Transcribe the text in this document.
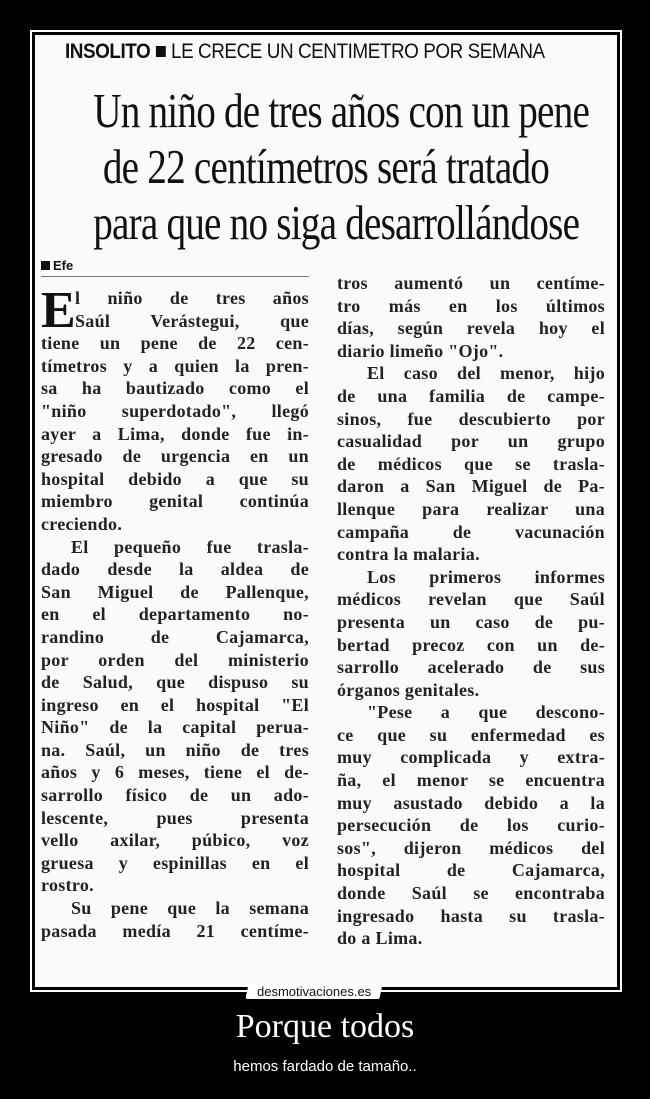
INSOLITO LE CRECE UN CENTIMETRO POR SEMANA
Un niño de tres años con un pene
de 22 centímetros será tratado
para que no siga desarrollándose
Efe
E l niño de tres años
Saúl Verástegui, que
tiene un pene de 22 cen-
tímetros y a quien la pren-
sa ha bautizado como el
"niño superdotado", llegó
ayer a Lima, donde fue in-
gresado de urgencia en un
hospital debido a que su
miembro genital continúa
creciendo.
El pequeño fue trasla-
dado desde la aldea de
San Miguel de Pallenque,
en el departamento no-
randino de Cajamarca,
por orden del ministerio
de Salud, que dispuso su
ingreso en el hospital "El
Niño" de la capital perua-
na. Saúl, un niño de tres
años y 6 meses, tiene el de-
sarrollo físico de un ado-
lescente, pues presenta
vello axilar, púbico, voz
gruesa y espinillas en el
rostro.
Su pene que la semana
pasada medía 21 centíme-
tros aumentó un centíme-
tro más en los últimos
días, según revela hoy el
diario limeño "Ojo".
El caso del menor, hijo
de una familia de campe-
sinos, fue descubierto por
casualidad por un grupo
de médicos que se trasla-
daron a San Miguel de Pa-
llenque para realizar una
campaña de vacunación
contra la malaria.
Los primeros informes
médicos revelan que Saúl
presenta un caso de pu-
bertad precoz con un de-
sarrollo acelerado de sus
órganos genitales.
"Pese a que descono-
ce que su enfermedad es
muy complicada y extra-
ña, el menor se encuentra
muy asustado debido a la
persecución de los curio-
sos", dijeron médicos del
hospital de Cajamarca,
donde Saúl se encontraba
ingresado hasta su trasla-
do a Lima.
desmotivaciones.es
Porque todos
hemos fardado de tamaño..
